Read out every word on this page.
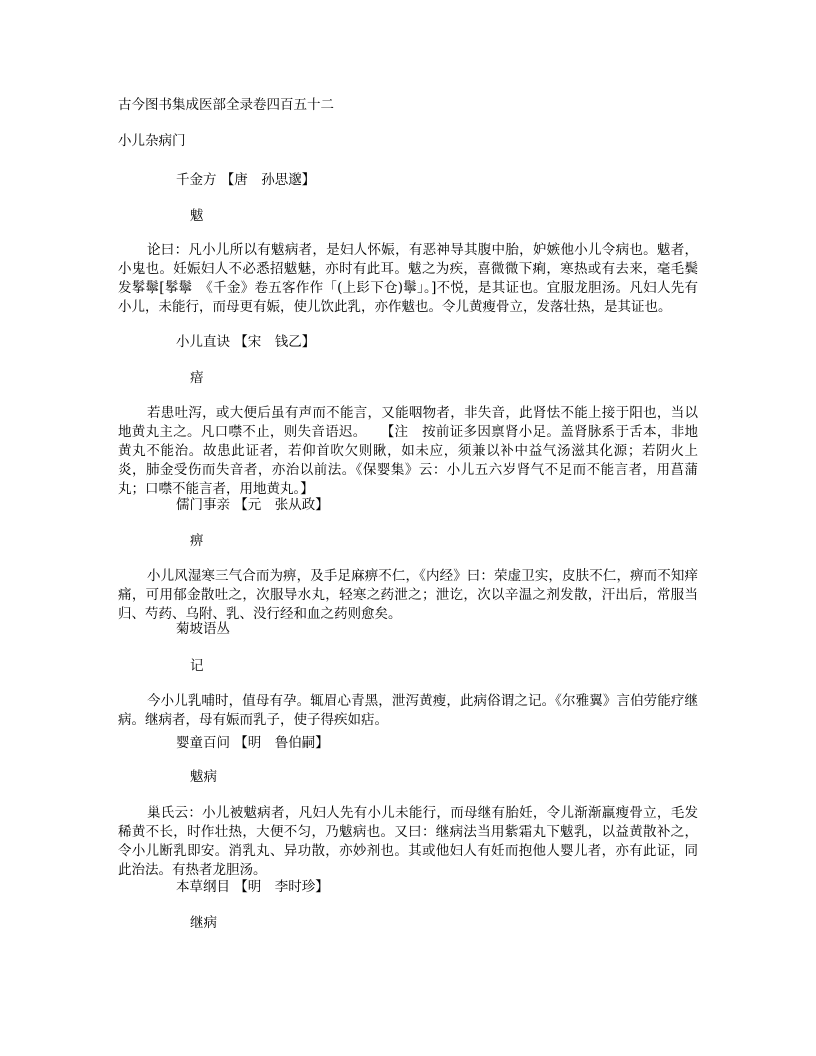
古今图书集成医部全录卷四百五十二
小儿杂病门
千金方 【唐　孙思邈】
魃
论曰：凡小儿所以有魃病者，是妇人怀娠，有恶神导其腹中胎，妒嫉他小儿令病也。魃者，小鬼也。妊娠妇人不必悉招魃魅，亦时有此耳。魃之为疾，喜微微下痢，寒热或有去来，毫毛鬓发鬇鬡[鬇鬡　《千金》卷五客作作「(上髟下仓)鬡」。]不悦，是其证也。宜服龙胆汤。凡妇人先有小儿，未能行，而母更有娠，使儿饮此乳，亦作魃也。令儿黄瘦骨立，发落壮热，是其证也。
小儿直诀 【宋　钱乙】
瘖
若患吐泻，或大便后虽有声而不能言，又能咽物者，非失音，此肾怯不能上接于阳也，当以地黄丸主之。凡口噤不止，则失音语迟。　　【注　按前证多因禀肾小足。盖肾脉系于舌本，非地黄丸不能治。故患此证者，若仰首吹欠则瞅，如未应，须兼以补中益气汤滋其化源；若阴火上炎，肺金受伤而失音者，亦治以前法。《保婴集》云：小儿五六岁肾气不足而不能言者，用菖蒲丸；口噤不能言者，用地黄丸。】
儒门事亲 【元　张从政】
痹
小儿风湿寒三气合而为痹，及手足麻痹不仁，《内经》曰：荣虚卫实，皮肤不仁，痹而不知痒痛，可用郁金散吐之，次服导水丸，轻寒之药泄之；泄讫，次以辛温之剂发散，汗出后，常服当归、芍药、乌附、乳、没行经和血之药则愈矣。
菊坡语丛
记
今小儿乳哺时，值母有孕。辄眉心青黑，泄泻黄瘦，此病俗谓之记。《尔雅翼》言伯劳能疗继病。继病者，母有娠而乳子，使子得疾如痁。
婴童百问 【明　鲁伯嗣】
魃病
巢氏云：小儿被魃病者，凡妇人先有小儿未能行，而母继有胎妊，令儿渐渐羸瘦骨立，毛发稀黄不长，时作壮热，大便不匀，乃魃病也。又曰：继病法当用紫霜丸下魃乳，以益黄散补之，令小儿断乳即安。消乳丸、异功散，亦妙剂也。其或他妇人有妊而抱他人婴儿者，亦有此证，同此治法。有热者龙胆汤。
本草纲目 【明　李时珍】
继病
